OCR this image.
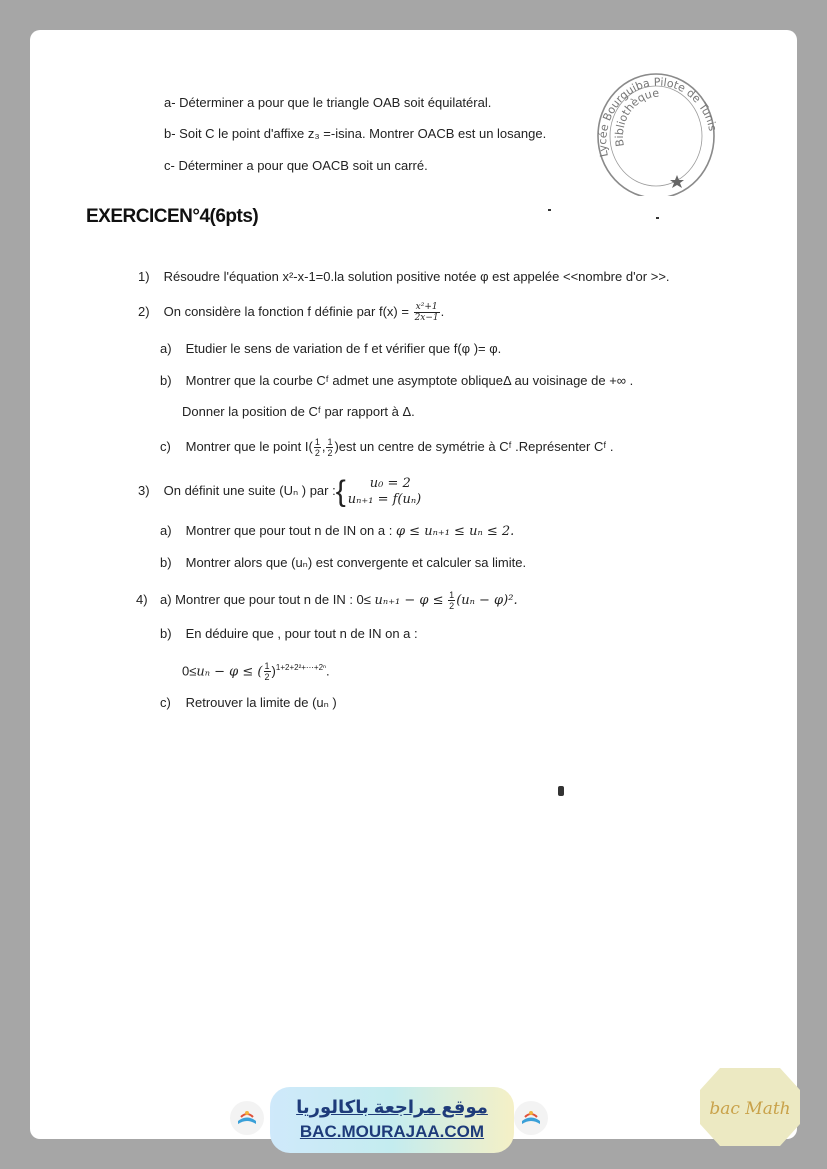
a- Déterminer a pour que le triangle OAB soit équilatéral.
b- Soit C le point d'affixe z₃ =-isina. Montrer OACB est un losange.
c- Déterminer a pour que OACB soit un carré.
Lycée Bourguiba Pilote de Tunis
Bibliothèque
EXERCICEN°4(6pts)
1) Résoudre l'équation x²-x-1=0.la solution positive notée φ est appelée <<nombre d'or >>.
2) On considère la fonction f définie par $f(x) = \frac{\text{x²+1}}{2x-1}$ .
a) Etudier le sens de variation de f et vérifier que f(φ )= φ.
b) Montrer que la courbe Cᶠ admet une asymptote obliqueΔ au voisinage de +∞ .
Donner la position de Cᶠ par rapport à Δ.
c) Montrer que le point $I( \frac{1}{2}$ , $\frac{1}{2} )est$ un centre de symétrie à Cᶠ .Représenter Cᶠ .
3) On définit une suite (Uₙ ) par :{	u₀ = 2
uₙ₊₁ = f(uₙ)
a) Montrer que pour tout n de IN on a : φ ≤ uₙ₊₁ ≤ uₙ ≤ 2.
b) Montrer alors que (uₙ) est convergente et calculer sa limite.
4) a) Montrer que pour tout n de IN : $0\le u_{n+1} - \varphi \le \frac{1}{2} (u_n - \varphi)^2$.
b) En déduire que , pour tout n de IN on a :
0≤uₙ − φ ≤ ( $\frac{1}{2} )^{1+2+2^2+\cdots+2^n}$.
c) Retrouver la limite de (uₙ )
موقع مراجعة باكالوريا
BAC.MOURAJAA.COM
bac Math
